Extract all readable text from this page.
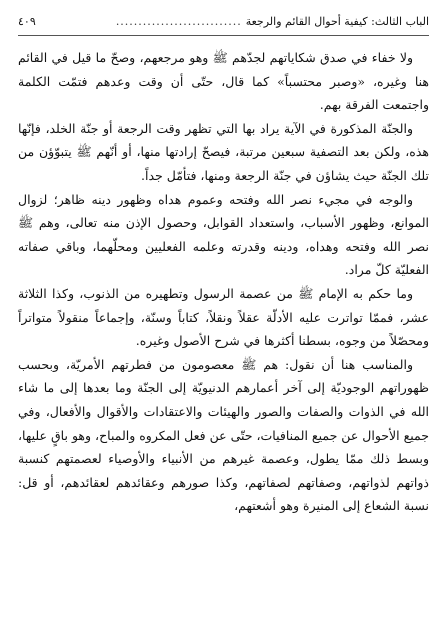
الباب الثالث: كيفية أحوال القائم والرجعة
............................
٤٠٩

ولا خفاء في صدق شكاياتهم لجدّهم ﷺ وهو مرجعهم، وصحّ ما قيل في القائم هنا وغيره، «وصبر محتسباً» كما قال، حتّى أن وقت وعدهم فتمّت الكلمة واجتمعت الفرقة بهم.

والجنّة المذكورة في الآية يراد بها التي تظهر وقت الرجعة أو جنّة الخلد، فإنّها هذه، ولكن بعد التصفية سبعين مرتبة، فيصحّ إرادتها منها، أو أنّهم ﷺ يتبوّؤن من تلك الجنّة حيث يشاؤن في جنّة الرجعة ومنها، فتأمّل جداً.

والوجه في مجيء نصر الله وفتحه وعموم هداه وظهور دينه ظاهر؛ لزوال الموانع، وظهور الأسباب، واستعداد القوابل، وحصول الإذن منه تعالى، وهم ﷺ نصر الله وفتحه وهداه، ودينه وقدرته وعلمه الفعليين ومحلّهما، وباقي صفاته الفعليّة كلّ مراد.

وما حكم به الإمام ﷺ من عصمة الرسول وتطهيره من الذنوب، وكذا الثلاثة عشر، فممّا تواترت عليه الأدلّة عقلاً ونقلاً، كتاباً وسنّة، وإجماعاً منقولاً متواتراً ومحصّلاً من وجوه، بسطنا أكثرها في شرح الأصول وغيره.

والمناسب هنا أن نقول: هم ﷺ معصومون من فطرتهم الأمريّة، وبحسب ظهوراتهم الوجوديّة إلى آخر أعمارهم الدنيويّة إلى الجنّة وما بعدها إلى ما شاء الله في الذوات والصفات والصور والهيئات والاعتقادات والأقوال والأفعال، وفي جميع الأحوال عن جميع المنافيات، حتّى عن فعل المكروه والمباح، وهو باقٍ عليها، وبسط ذلك ممّا يطول، وعصمة غيرهم من الأنبياء والأوصياء لعصمتهم كنسبة ذواتهم لذواتهم، وصفاتهم لصفاتهم، وكذا صورهم وعقائدهم لعقائدهم، أو قل: نسبة الشعاع إلى المنيرة وهو أشعتهم،
